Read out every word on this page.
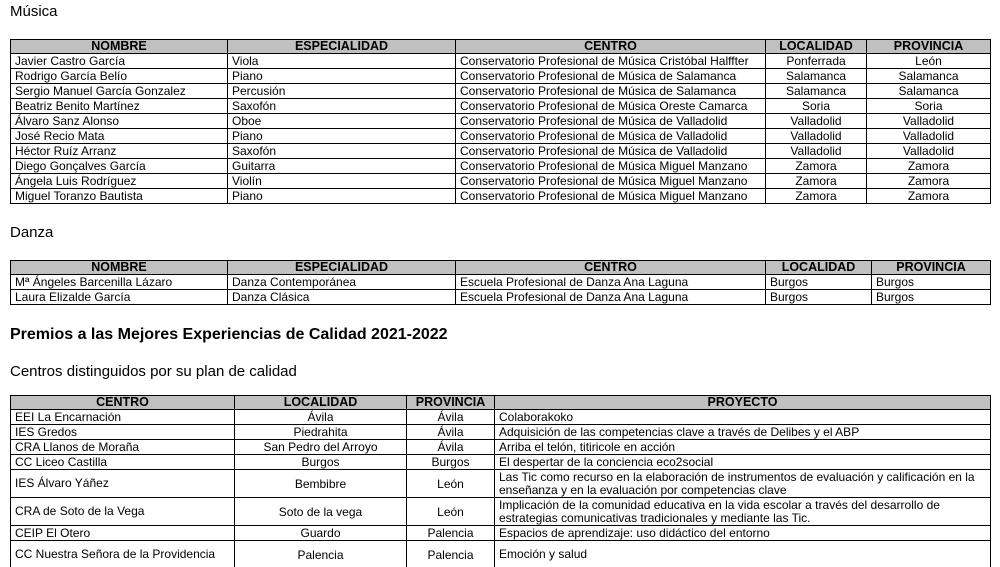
Música
NOMBRE	ESPECIALIDAD	CENTRO	LOCALIDAD	PROVINCIA
Javier Castro García	Viola	Conservatorio Profesional de Música Cristóbal Halffter	Ponferrada	León
Rodrigo García Belío	Piano	Conservatorio Profesional de Música de Salamanca	Salamanca	Salamanca
Sergio Manuel García Gonzalez	Percusión	Conservatorio Profesional de Música de Salamanca	Salamanca	Salamanca
Beatriz Benito Martínez	Saxofón	Conservatorio Profesional de Música Oreste Camarca	Soria	Soria
Álvaro Sanz Alonso	Oboe	Conservatorio Profesional de Música de Valladolid	Valladolid	Valladolid
José Recio Mata	Piano	Conservatorio Profesional de Música de Valladolid	Valladolid	Valladolid
Héctor Ruíz Arranz	Saxofón	Conservatorio Profesional de Música de Valladolid	Valladolid	Valladolid
Diego Gonçalves García	Guitarra	Conservatorio Profesional de Música Miguel Manzano	Zamora	Zamora
Ángela Luis Rodríguez	Violín	Conservatorio Profesional de Música Miguel Manzano	Zamora	Zamora
Miguel Toranzo Bautista	Piano	Conservatorio Profesional de Música Miguel Manzano	Zamora	Zamora
Danza
NOMBRE	ESPECIALIDAD	CENTRO	LOCALIDAD	PROVINCIA
Mª Ángeles Barcenilla Lázaro	Danza Contemporánea	Escuela Profesional de Danza Ana Laguna	Burgos	Burgos
Laura Elizalde García	Danza Clásica	Escuela Profesional de Danza Ana Laguna	Burgos	Burgos
Premios a las Mejores Experiencias de Calidad 2021-2022
Centros distinguidos por su plan de calidad
CENTRO	LOCALIDAD	PROVINCIA	PROYECTO
EEI La Encarnación	Ávila	Ávila	Colaborakoko
IES Gredos	Piedrahita	Ávila	Adquisición de las competencias clave a través de Delibes y el ABP
CRA Llanos de Moraña	San Pedro del Arroyo	Ávila	Arriba el telón, titiricole en acción
CC Liceo Castilla	Burgos	Burgos	El despertar de la conciencia eco2social
IES Álvaro Yáñez	Bembibre	León	Las Tic como recurso en la elaboración de instrumentos de evaluación y calificación en la enseñanza y en la evaluación por competencias clave
CRA de Soto de la Vega	Soto de la vega	León	Implicación de la comunidad educativa en la vida escolar a través del desarrollo de estrategias comunicativas tradicionales y mediante las Tic.
CEIP El Otero	Guardo	Palencia	Espacios de aprendizaje: uso didáctico del entorno
CC Nuestra Señora de la Providencia	Palencia	Palencia	Emoción y salud
